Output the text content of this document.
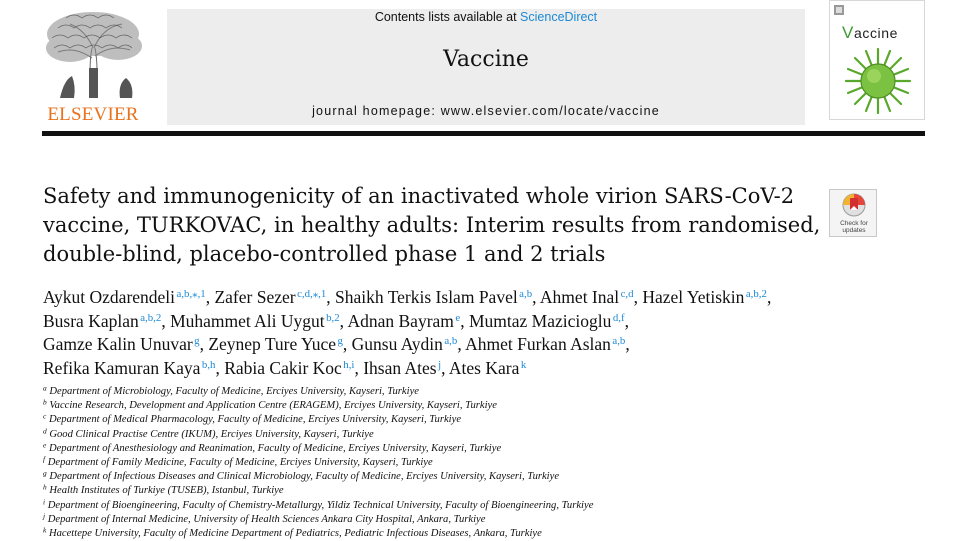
ELSEVIER
Contents lists available at ScienceDirect
Vaccine
journal homepage: www.elsevier.com/locate/vaccine
Vaccine
Safety and immunogenicity of an inactivated whole virion SARS-CoV-2 vaccine, TURKOVAC, in healthy adults: Interim results from randomised, double-blind, placebo-controlled phase 1 and 2 trials
Check for
updates
Aykut Ozdarendeli $^{a,b,⁎,1}$, Zafer Sezer $^{c,d,⁎,1}$, Shaikh Terkis Islam Pavel $^{a,b}$, Ahmet Inal $^{c,d}$, Hazel Yetiskin $^{a,b,2}$,
Busra Kaplan $^{a,b,2}$, Muhammet Ali Uygut $^{b,2}$, Adnan Bayram $^e$, Mumtaz Mazicioglu $^{d,f}$,
Gamze Kalin Unuvar $^g$, Zeynep Ture Yuce $^g$, Gunsu Aydin $^{a,b}$, Ahmet Furkan Aslan $^{a,b}$,
Refika Kamuran Kaya $^{b,h}$, Rabia Cakir Koc $^{h,i}$, Ihsan Ates $^j$, Ates Kara $^k$
$^a$ Department of Microbiology, Faculty of Medicine, Erciyes University, Kayseri, Turkiye
$^b$ Vaccine Research, Development and Application Centre (ERAGEM), Erciyes University, Kayseri, Turkiye
$^c$ Department of Medical Pharmacology, Faculty of Medicine, Erciyes University, Kayseri, Turkiye
$^d$ Good Clinical Practise Centre (IKUM), Erciyes University, Kayseri, Turkiye
$^e$ Department of Anesthesiology and Reanimation, Faculty of Medicine, Erciyes University, Kayseri, Turkiye
$^f$ Department of Family Medicine, Faculty of Medicine, Erciyes University, Kayseri, Turkiye
$^g$ Department of Infectious Diseases and Clinical Microbiology, Faculty of Medicine, Erciyes University, Kayseri, Turkiye
$^h$ Health Institutes of Turkiye (TUSEB), Istanbul, Turkiye
$^i$ Department of Bioengineering, Faculty of Chemistry-Metallurgy, Yildiz Technical University, Faculty of Bioengineering, Turkiye
$^j$ Department of Internal Medicine, University of Health Sciences Ankara City Hospital, Ankara, Turkiye
$^k$ Hacettepe University, Faculty of Medicine Department of Pediatrics, Pediatric Infectious Diseases, Ankara, Turkiye
